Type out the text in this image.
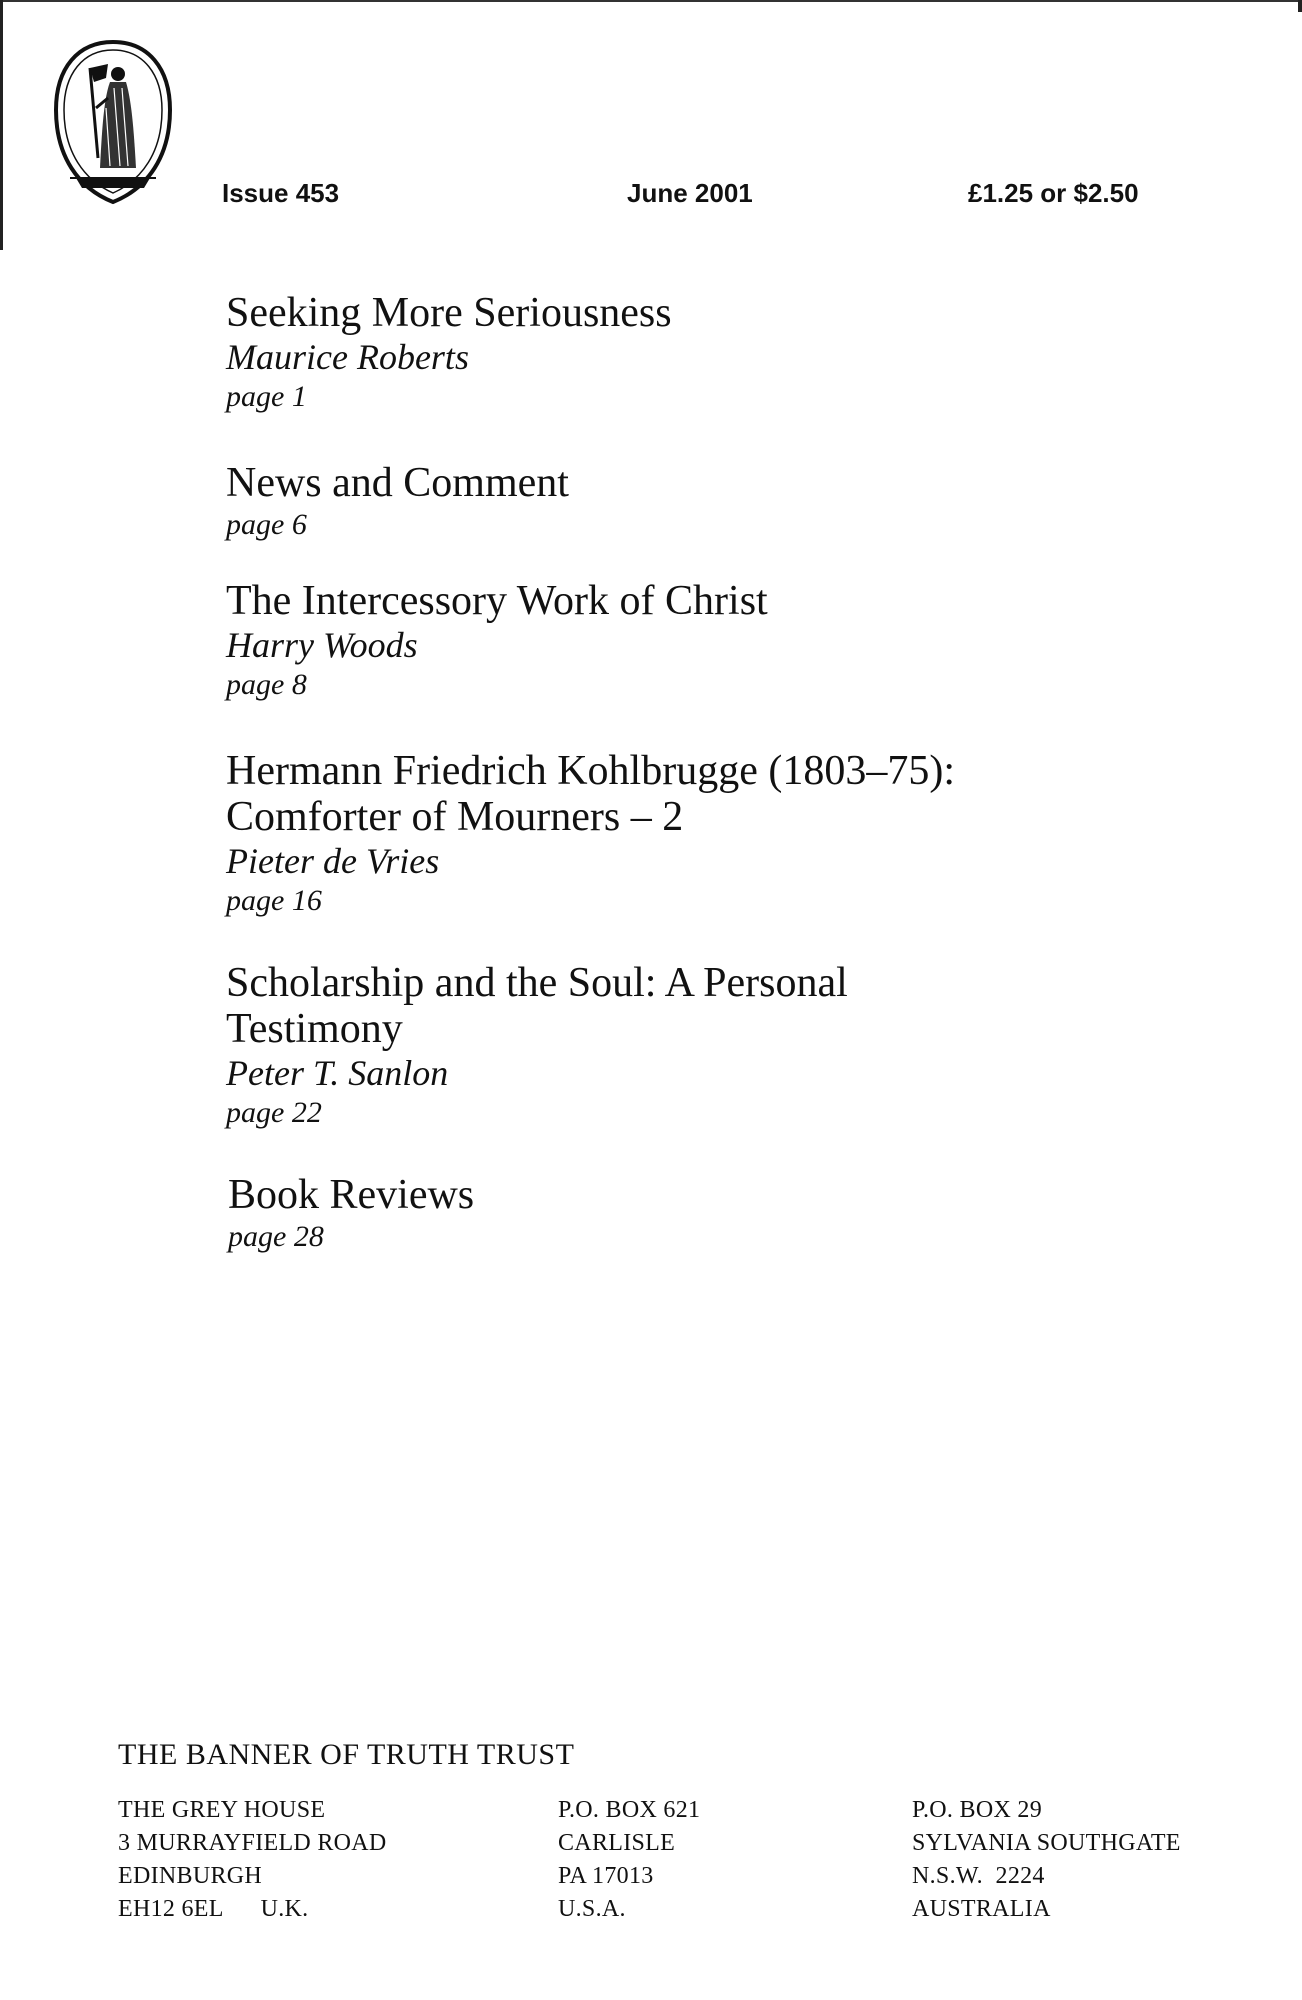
Issue 453	June 2001	£1.25 or $2.50
Seeking More Seriousness
Maurice Roberts
page 1
News and Comment
page 6
The Intercessory Work of Christ
Harry Woods
page 8
Hermann Friedrich Kohlbrugge (1803–75):
Comforter of Mourners – 2
Pieter de Vries
page 16
Scholarship and the Soul: A Personal
Testimony
Peter T. Sanlon
page 22
Book Reviews
page 28
THE BANNER OF TRUTH TRUST
THE GREY HOUSE
3 MURRAYFIELD ROAD
EDINBURGH
EH12 6EL      U.K.
P.O. BOX 621
CARLISLE
PA 17013
U.S.A.
P.O. BOX 29
SYLVANIA SOUTHGATE
N.S.W.  2224
AUSTRALIA
